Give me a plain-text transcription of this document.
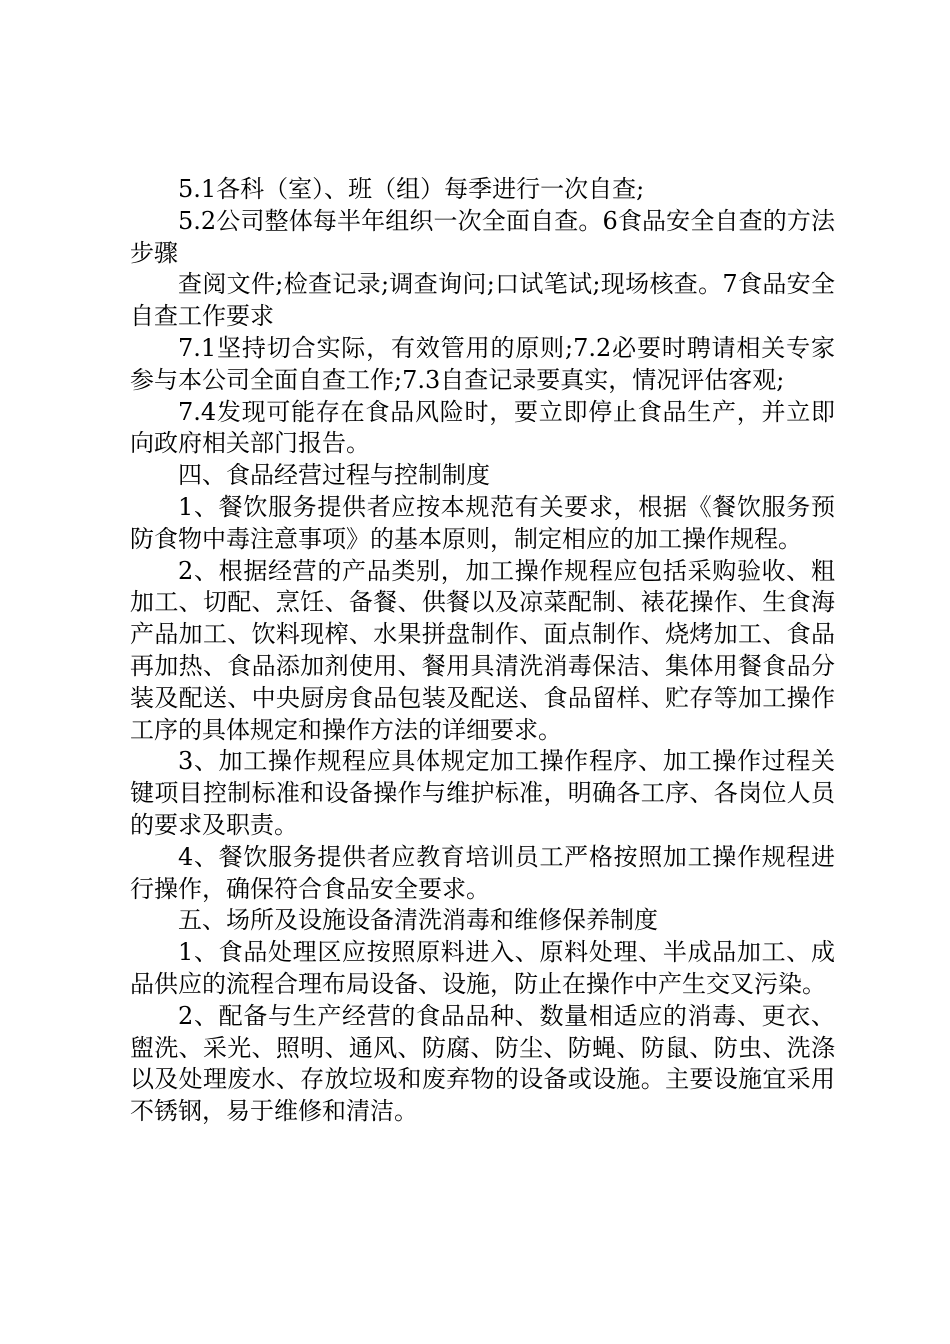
5.1各科（室）、班（组）每季进行一次自查;

5.2公司整体每半年组织一次全面自查。6食品安全自查的方法步骤

查阅文件;检查记录;调查询问;口试笔试;现场核查。7食品安全自查工作要求

7.1坚持切合实际，有效管用的原则;7.2必要时聘请相关专家参与本公司全面自查工作;7.3自查记录要真实，情况评估客观;

7.4发现可能存在食品风险时，要立即停止食品生产，并立即向政府相关部门报告。

四、食品经营过程与控制制度

1、餐饮服务提供者应按本规范有关要求，根据《餐饮服务预防食物中毒注意事项》的基本原则，制定相应的加工操作规程。

2、根据经营的产品类别，加工操作规程应包括采购验收、粗加工、切配、烹饪、备餐、供餐以及凉菜配制、裱花操作、生食海产品加工、饮料现榨、水果拼盘制作、面点制作、烧烤加工、食品再加热、食品添加剂使用、餐用具清洗消毒保洁、集体用餐食品分装及配送、中央厨房食品包装及配送、食品留样、贮存等加工操作工序的具体规定和操作方法的详细要求。

3、加工操作规程应具体规定加工操作程序、加工操作过程关键项目控制标准和设备操作与维护标准，明确各工序、各岗位人员的要求及职责。

4、餐饮服务提供者应教育培训员工严格按照加工操作规程进行操作，确保符合食品安全要求。

五、场所及设施设备清洗消毒和维修保养制度

1、食品处理区应按照原料进入、原料处理、半成品加工、成品供应的流程合理布局设备、设施，防止在操作中产生交叉污染。

2、配备与生产经营的食品品种、数量相适应的消毒、更衣、盥洗、采光、照明、通风、防腐、防尘、防蝇、防鼠、防虫、洗涤以及处理废水、存放垃圾和废弃物的设备或设施。主要设施宜采用不锈钢，易于维修和清洁。
